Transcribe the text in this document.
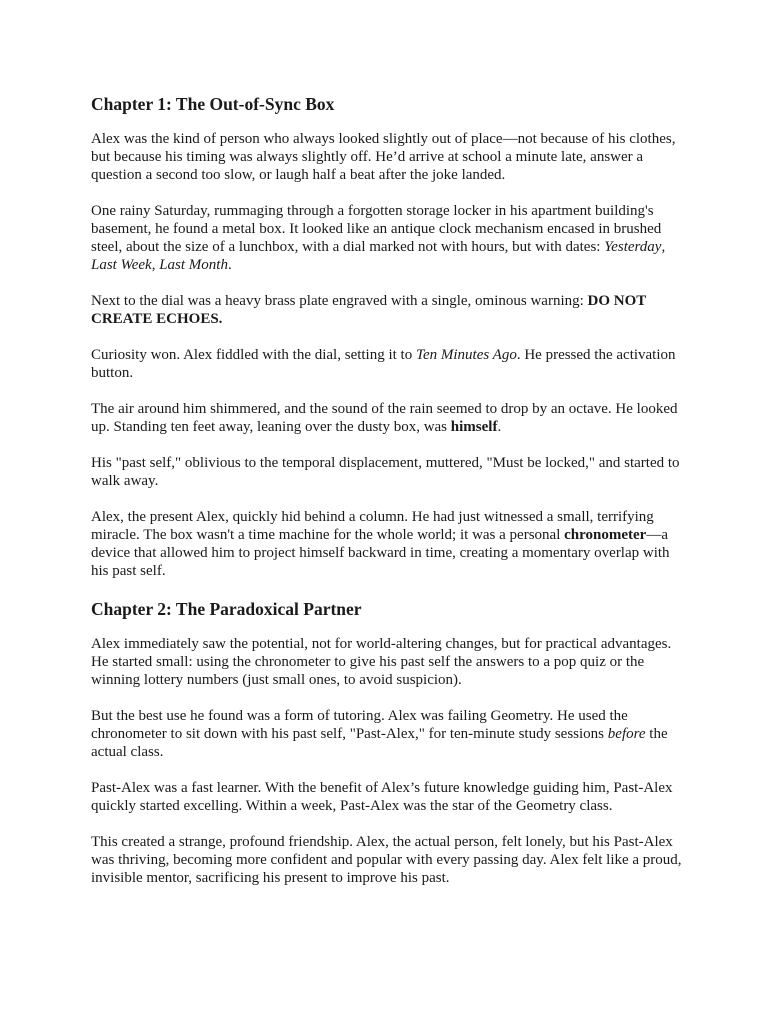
Chapter 1: The Out-of-Sync Box

Alex was the kind of person who always looked slightly out of place—not because of his clothes, but because his timing was always slightly off. He’d arrive at school a minute late, answer a question a second too slow, or laugh half a beat after the joke landed.

One rainy Saturday, rummaging through a forgotten storage locker in his apartment building's basement, he found a metal box. It looked like an antique clock mechanism encased in brushed steel, about the size of a lunchbox, with a dial marked not with hours, but with dates: Yesterday, Last Week, Last Month.

Next to the dial was a heavy brass plate engraved with a single, ominous warning: DO NOT CREATE ECHOES.

Curiosity won. Alex fiddled with the dial, setting it to Ten Minutes Ago. He pressed the activation button.

The air around him shimmered, and the sound of the rain seemed to drop by an octave. He looked up. Standing ten feet away, leaning over the dusty box, was himself.

His "past self," oblivious to the temporal displacement, muttered, "Must be locked," and started to walk away.

Alex, the present Alex, quickly hid behind a column. He had just witnessed a small, terrifying miracle. The box wasn't a time machine for the whole world; it was a personal chronometer—a device that allowed him to project himself backward in time, creating a momentary overlap with his past self.

Chapter 2: The Paradoxical Partner

Alex immediately saw the potential, not for world-altering changes, but for practical advantages. He started small: using the chronometer to give his past self the answers to a pop quiz or the winning lottery numbers (just small ones, to avoid suspicion).

But the best use he found was a form of tutoring. Alex was failing Geometry. He used the chronometer to sit down with his past self, "Past-Alex," for ten-minute study sessions before the actual class.

Past-Alex was a fast learner. With the benefit of Alex’s future knowledge guiding him, Past-Alex quickly started excelling. Within a week, Past-Alex was the star of the Geometry class.

This created a strange, profound friendship. Alex, the actual person, felt lonely, but his Past-Alex was thriving, becoming more confident and popular with every passing day. Alex felt like a proud, invisible mentor, sacrificing his present to improve his past.
